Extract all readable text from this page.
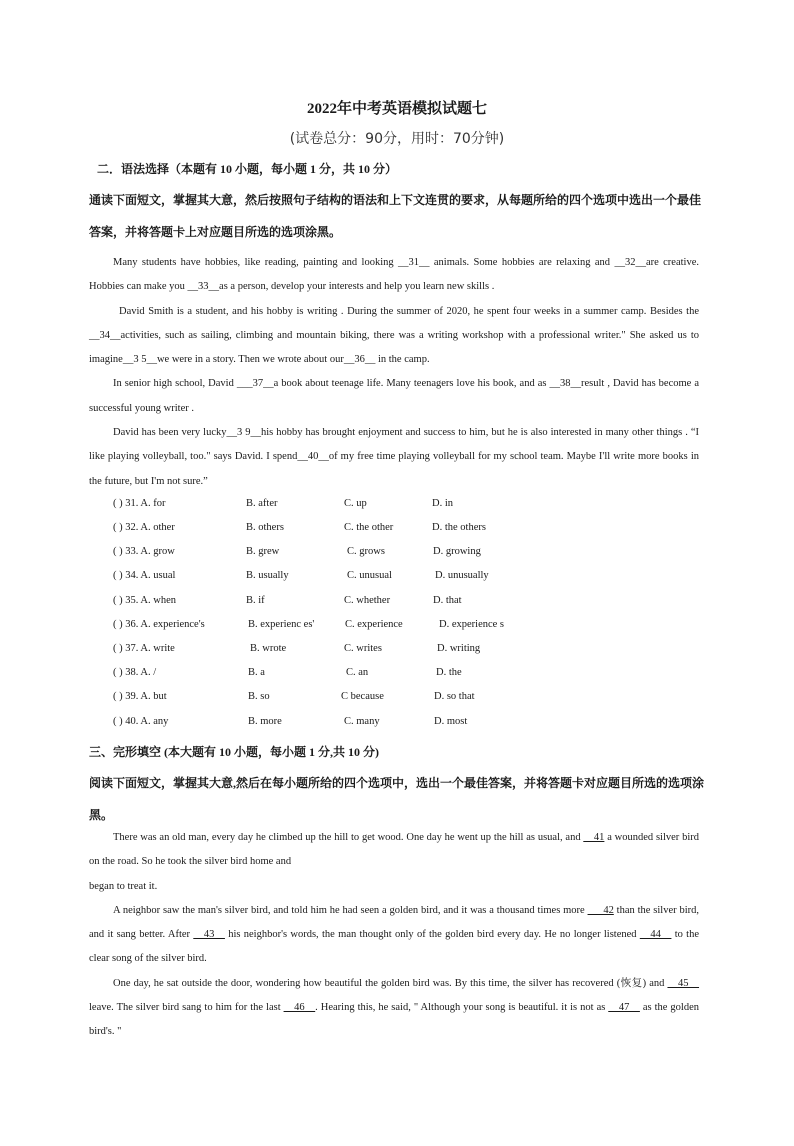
2022年中考英语模拟试题七
(试卷总分：90分，用时：70分钟)
二．语法选择（本题有 10 小题，每小题 1 分，共 10 分）
通读下面短文，掌握其大意，然后按照句子结构的语法和上下文连贯的要求，从每题所给的四个选项中选出一个最佳答案，并将答题卡上对应题目所选的选项涂黑。

Many students have hobbies, like reading, painting and looking __31__ animals. Some hobbies are relaxing and __32__are creative. Hobbies can make you __33__as a person, develop your interests and help you learn new skills .

David Smith is a student, and his hobby is writing . During the summer of 2020, he spent four weeks in a summer camp. Besides the __34__activities, such as sailing, climbing and mountain biking, there was a writing workshop with a professional writer." She asked us to imagine__3 5__we were in a story. Then we wrote about our__36__ in the camp.

In senior high school, David ___37__a book about teenage life. Many teenagers love his book, and as __38__result , David has become a successful young writer .

David has been very lucky__3 9__his hobby has brought enjoyment and success to him, but he is also interested in many other things . “I like playing volleyball, too." says David. I spend__40__of my free time playing volleyball for my school team. Maybe I'll write more books in the future, but I'm not sure.”

( ) 31. A. for	B. after	C. up	D. in
( ) 32. A. other	B. others	C. the other	D. the others
( ) 33. A. grow	B. grew	C. grows	D. growing
( ) 34. A. usual	B. usually	C. unusual	D. unusually
( ) 35. A. when	B. if	C. whether	D. that
( ) 36. A. experience's	B. experienc es'	C. experience	D. experience s
( ) 37. A. write	B. wrote	C. writes	D. writing
( ) 38. A. /	B. a	C. an	D. the
( ) 39. A. but	B. so	C because	D. so that
( ) 40. A. any	B. more	C. many	D. most
三、完形填空 (本大题有 10 小题，每小题 1 分,共 10 分)
阅读下面短文，掌握其大意,然后在每小题所给的四个选项中，选出一个最佳答案，并将答题卡对应题目所选的选项涂黑。

There was an old man, every day he climbed up the hill to get wood. One day he went up the hill as usual, and __41 a wounded silver bird on the road. So he took the silver bird home and

began to treat it.

A neighbor saw the man's silver bird, and told him he had seen a golden bird, and it was a thousand times more ___42 than the silver bird, and it sang better. After __43__ his neighbor's words, the man thought only of the golden bird every day. He no longer listened __44__ to the clear song of the silver bird.

One day, he sat outside the door, wondering how beautiful the golden bird was. By this time, the silver has recovered (恢复) and __45__ leave. The silver bird sang to him for the last __46__. Hearing this, he said, " Although your song is beautiful. it is not as __47__ as the golden bird's. "
